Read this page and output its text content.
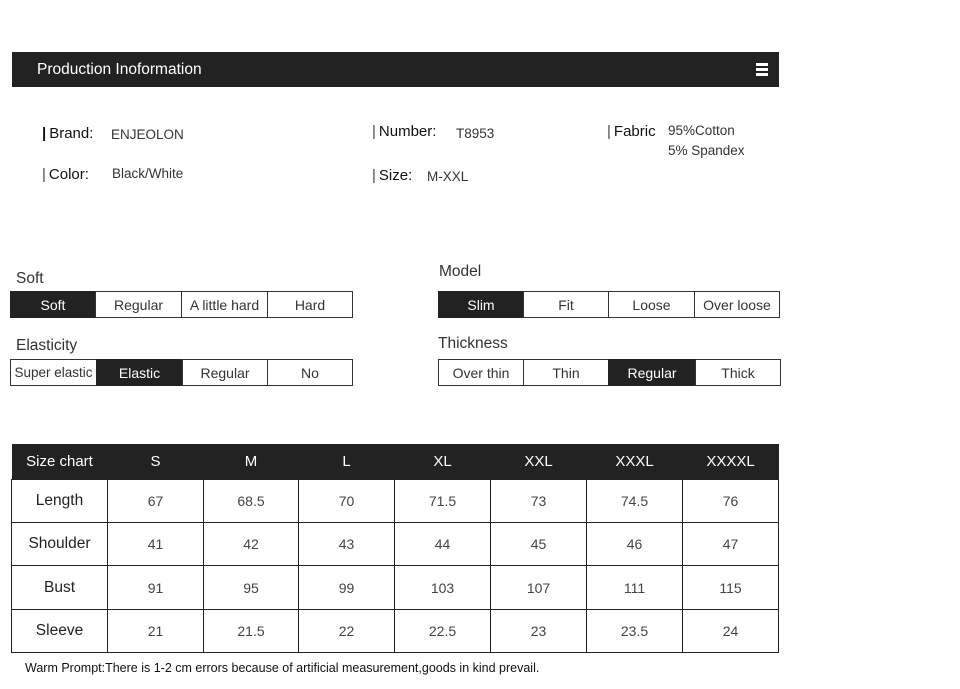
Production Inoformation
| Brand: ENJEOLON	| Number: T8953	| Fabric 95%Cotton
5% Spandex
| Color: Black/White	| Size: M-XXL
Soft
Soft	Regular	A little hard	Hard
Model
Slim	Fit	Loose	Over loose
Elasticity
Super elastic	Elastic	Regular	No
Thickness
Over thin	Thin	Regular	Thick
Size chart	S	M	L	XL	XXL	XXXL	XXXXL
Length	67	68.5	70	71.5	73	74.5	76
Shoulder	41	42	43	44	45	46	47
Bust	91	95	99	103	107	111	115
Sleeve	21	21.5	22	22.5	23	23.5	24
Warm Prompt:There is 1-2 cm errors because of artificial measurement,goods in kind prevail.
